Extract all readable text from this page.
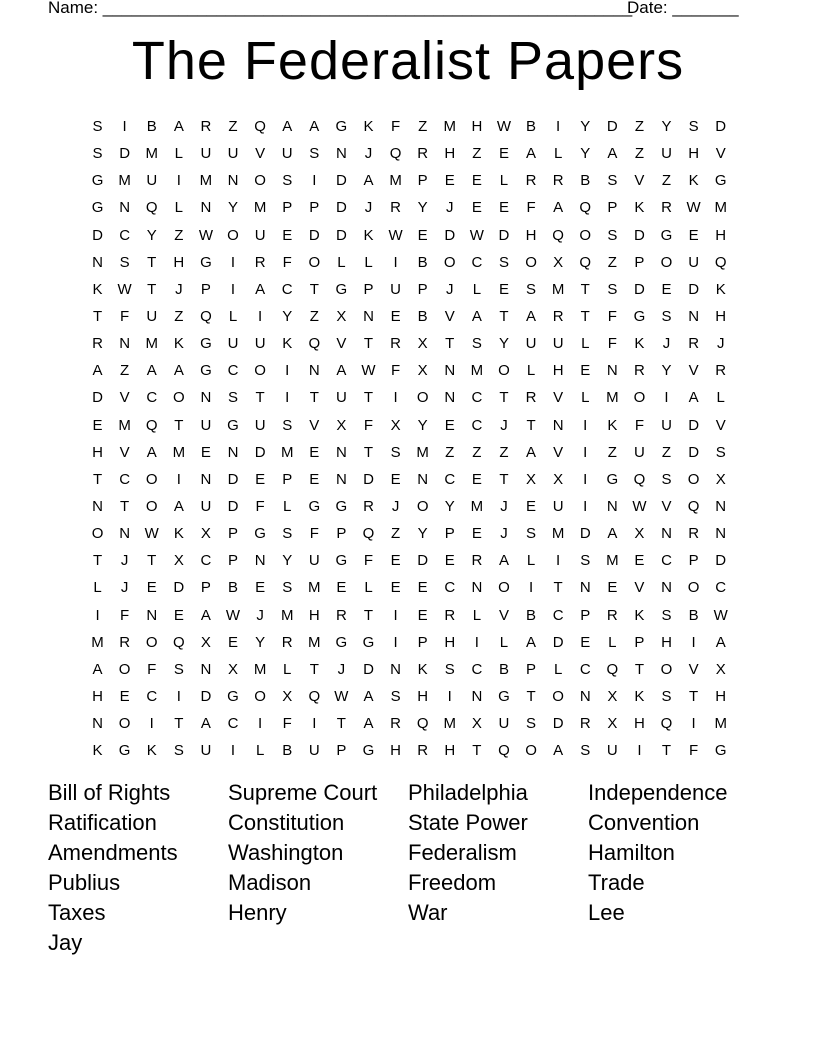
Name: ________________________________________________________
Date: _______
The Federalist Papers
S	I	B	A	R	Z	Q	A	A	G	K	F	Z	M	H W	B	I	Y	D	Z	Y	S	D
S	D	M	L	U	U	V	U	S	N	J	Q	R	H	Z	E	A	L	Y	A	Z	U	H	V
G	M	U	I	M	N	O	S	I	D	A	M	P	E	E	L	R	R	B	S	V	Z	K	G
G	N	Q	L	N	Y	M	P	P	D	J	R	Y	J	E	E	F	A	Q	P	K	R W M
D	C	Y	Z	W O	U	E	D	D	K	W	E	D W D	H	Q	O	S	D	G	E	H
N	S	T	H	G	I	R	F	O	L	L	I	B	O	C	S	O	X	Q	Z	P	O	U	Q
K	W	T	J	P	I	A	C	T	G	P	U	P	J	L	E	S	M	T	S	D	E	D	K
T	F	U	Z	Q	L	I	Y	Z	X	N	E	B	V	A	T	A	R	T	F	G	S	N	H
R	N	M	K	G	U	U	K	Q	V	T	R	X	T	S	Y	U	U	L	F	K	J	R	J
A	Z	A	A	G	C	O	I	N	A	W	F	X	N	M	O	L	H	E	N	R	Y	V	R
D	V	C	O	N	S	T	I	T	U	T	I	O	N	C	T	R	V	L	M	O	I	A	L
E	M	Q	T	U	G	U	S	V	X	F	X	Y	E	C	J	T	N	I	K	F	U	D	V
H	V	A	M	E	N	D	M	E	N	T	S	M	Z	Z	Z	A	V	I	Z	U	Z	D	S
T	C	O	I	N	D	E	P	E	N	D	E	N	C	E	T	X	X	I	G	Q	S	O	X
N	T	O	A	U	D	F	L	G	G	R	J	O	Y	M	J	E	U	I	N W	V	Q	N
O	N W	K	X	P	G	S	F	P	Q	Z	Y	P	E	J	S	M	D	A	X	N	R	N
T	J	T	X	C	P	N	Y	U	G	F	E	D	E	R	A	L	I	S	M	E	C	P	D
L	J	E	D	P	B	E	S	M	E	L	E	E	C	N	O	I	T	N	E	V	N	O	C
I	F	N	E	A	W	J	M	H	R	T	I	E	R	L	V	B	C	P	R	K	S	B	W
M	R	O	Q	X	E	Y	R	M	G	G	I	P	H	I	L	A	D	E	L	P	H	I	A
A	O	F	S	N	X	M	L	T	J	D	N	K	S	C	B	P	L	C	Q	T	O	V	X
H	E	C	I	D	G	O	X	Q W	A	S	H	I	N	G	T	O	N	X	K	S	T	H
N	O	I	T	A	C	I	F	I	T	A	R	Q	M	X	U	S	D	R	X	H	Q	I	M
K	G	K	S	U	I	L	B	U	P	G	H	R	H	T	Q	O	A	S	U	I	T	F	G
Bill of Rights	Supreme Court	Philadelphia	Independence
Ratification	Constitution	State Power	Convention
Amendments	Washington	Federalism	Hamilton
Publius	Madison	Freedom	Trade
Taxes	Henry	War	Lee
Jay
